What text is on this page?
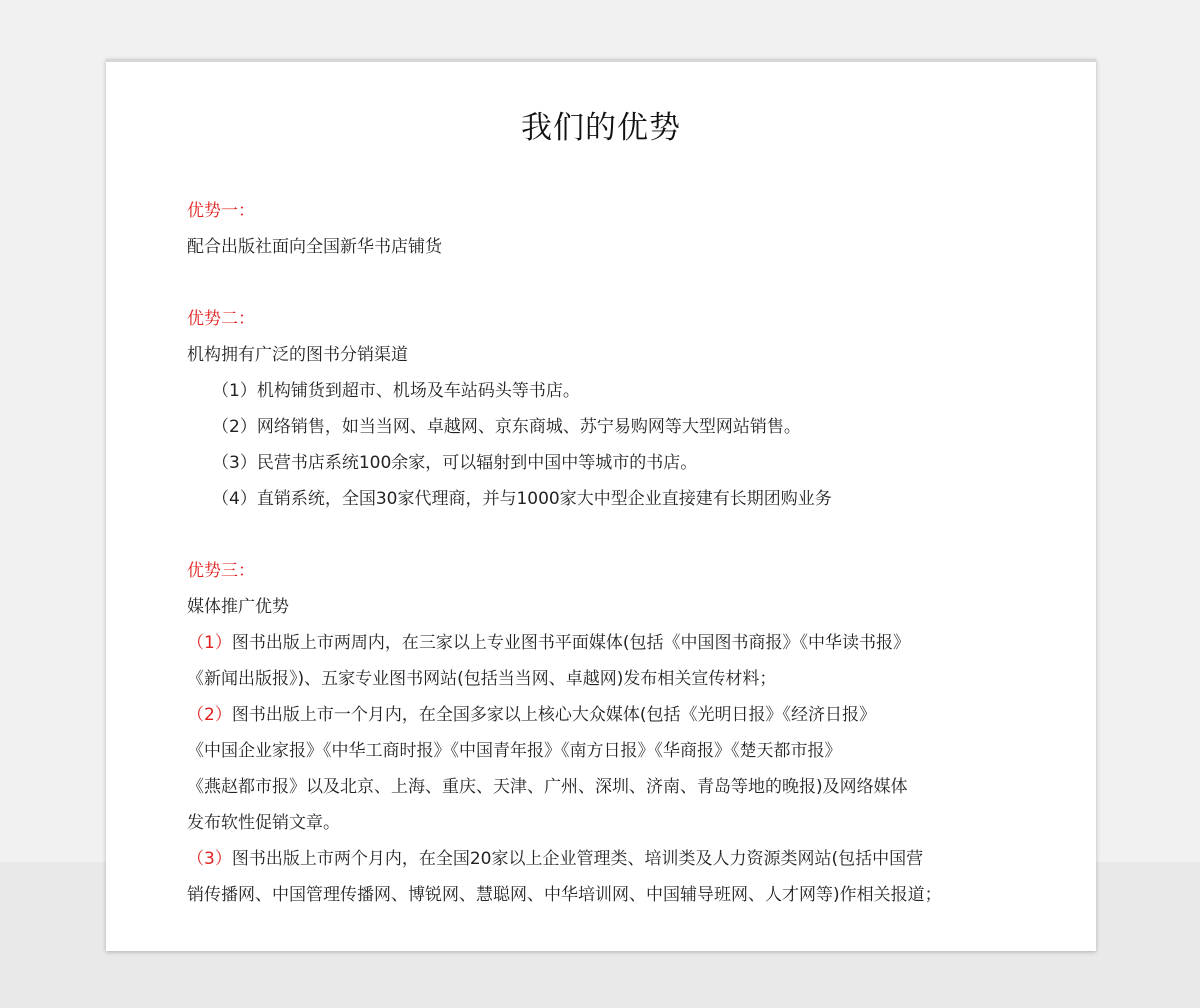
我们的优势
优势一：
配合出版社面向全国新华书店铺货
优势二：
机构拥有广泛的图书分销渠道
（1）机构铺货到超市、机场及车站码头等书店。
（2）网络销售，如当当网、卓越网、京东商城、苏宁易购网等大型网站销售。
（3）民营书店系统100余家，可以辐射到中国中等城市的书店。
（4）直销系统，全国30家代理商，并与1000家大中型企业直接建有长期团购业务
优势三：
媒体推广优势
（1）图书出版上市两周内，在三家以上专业图书平面媒体(包括《中国图书商报》《中华读书报》
《新闻出版报》)、五家专业图书网站(包括当当网、卓越网)发布相关宣传材料；
（2）图书出版上市一个月内，在全国多家以上核心大众媒体(包括《光明日报》《经济日报》
《中国企业家报》《中华工商时报》《中国青年报》《南方日报》《华商报》《楚天都市报》
《燕赵都市报》以及北京、上海、重庆、天津、广州、深圳、济南、青岛等地的晚报)及网络媒体
发布软性促销文章。
（3）图书出版上市两个月内，在全国20家以上企业管理类、培训类及人力资源类网站(包括中国营
销传播网、中国管理传播网、博锐网、慧聪网、中华培训网、中国辅导班网、人才网等)作相关报道；
